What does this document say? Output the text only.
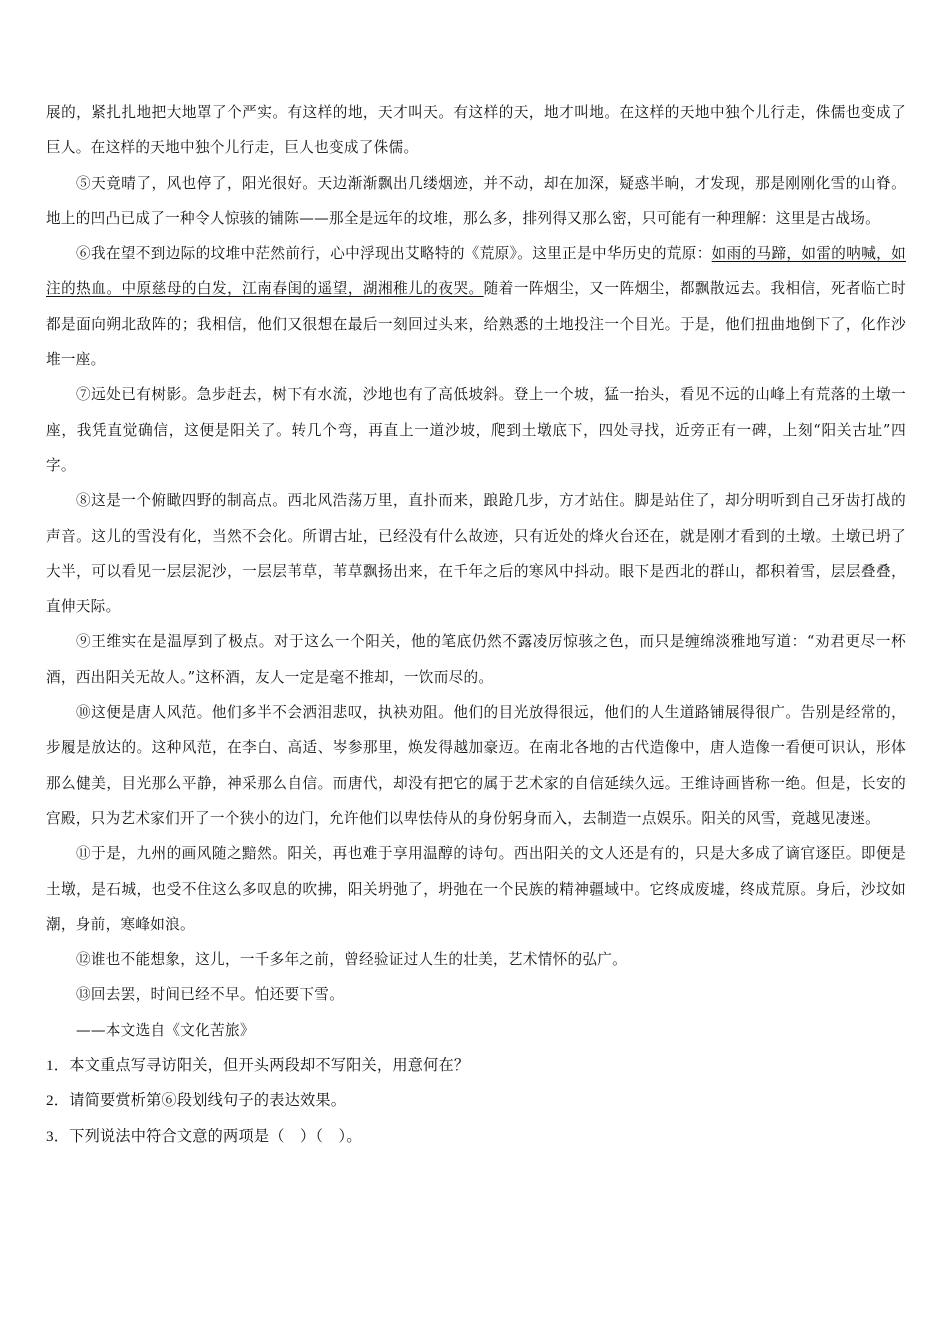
展的，紧扎扎地把大地罩了个严实。有这样的地，天才叫天。有这样的天，地才叫地。在这样的天地中独个儿行走，侏儒也变成了巨人。在这样的天地中独个儿行走，巨人也变成了侏儒。

⑤天竟晴了，风也停了，阳光很好。天边渐渐飘出几缕烟迹，并不动，却在加深，疑惑半晌，才发现，那是刚刚化雪的山脊。地上的凹凸已成了一种令人惊骇的铺陈——那全是远年的坟堆，那么多，排列得又那么密，只可能有一种理解：这里是古战场。

⑥我在望不到边际的坟堆中茫然前行，心中浮现出艾略特的《荒原》。这里正是中华历史的荒原：如雨的马蹄，如雷的呐喊，如注的热血。中原慈母的白发，江南春闺的遥望，湖湘稚儿的夜哭。随着一阵烟尘，又一阵烟尘，都飘散远去。我相信，死者临亡时都是面向朔北敌阵的；我相信，他们又很想在最后一刻回过头来，给熟悉的土地投注一个目光。于是，他们扭曲地倒下了，化作沙堆一座。

⑦远处已有树影。急步赶去，树下有水流，沙地也有了高低坡斜。登上一个坡，猛一抬头，看见不远的山峰上有荒落的土墩一座，我凭直觉确信，这便是阳关了。转几个弯，再直上一道沙坡，爬到土墩底下，四处寻找，近旁正有一碑，上刻“阳关古址”四字。

⑧这是一个俯瞰四野的制高点。西北风浩荡万里，直扑而来，踉跄几步，方才站住。脚是站住了，却分明听到自己牙齿打战的声音。这儿的雪没有化，当然不会化。所谓古址，已经没有什么故迹，只有近处的烽火台还在，就是刚才看到的土墩。土墩已坍了大半，可以看见一层层泥沙，一层层苇草，苇草飘扬出来，在千年之后的寒风中抖动。眼下是西北的群山，都积着雪，层层叠叠，直伸天际。

⑨王维实在是温厚到了极点。对于这么一个阳关，他的笔底仍然不露凌厉惊骇之色，而只是缠绵淡雅地写道：“劝君更尽一杯酒，西出阳关无故人。”这杯酒，友人一定是毫不推却，一饮而尽的。

⑩这便是唐人风范。他们多半不会洒泪悲叹，执袂劝阻。他们的目光放得很远，他们的人生道路铺展得很广。告别是经常的，步履是放达的。这种风范，在李白、高适、岑参那里，焕发得越加豪迈。在南北各地的古代造像中，唐人造像一看便可识认，形体那么健美，目光那么平静，神采那么自信。而唐代，却没有把它的属于艺术家的自信延续久远。王维诗画皆称一绝。但是，长安的宫殿，只为艺术家们开了一个狭小的边门，允许他们以卑怯侍从的身份躬身而入，去制造一点娱乐。阳关的风雪，竟越见凄迷。

⑪于是，九州的画风随之黯然。阳关，再也难于享用温醇的诗句。西出阳关的文人还是有的，只是大多成了谪官逐臣。即便是土墩，是石城，也受不住这么多叹息的吹拂，阳关坍弛了，坍弛在一个民族的精神疆域中。它终成废墟，终成荒原。身后，沙坟如潮，身前，寒峰如浪。

⑫谁也不能想象，这儿，一千多年之前，曾经验证过人生的壮美，艺术情怀的弘广。

⑬回去罢，时间已经不早。怕还要下雪。

——本文选自《文化苦旅》

1．本文重点写寻访阳关，但开头两段却不写阳关，用意何在？

2．请简要赏析第⑥段划线句子的表达效果。

3．下列说法中符合文意的两项是（　）（　）。
